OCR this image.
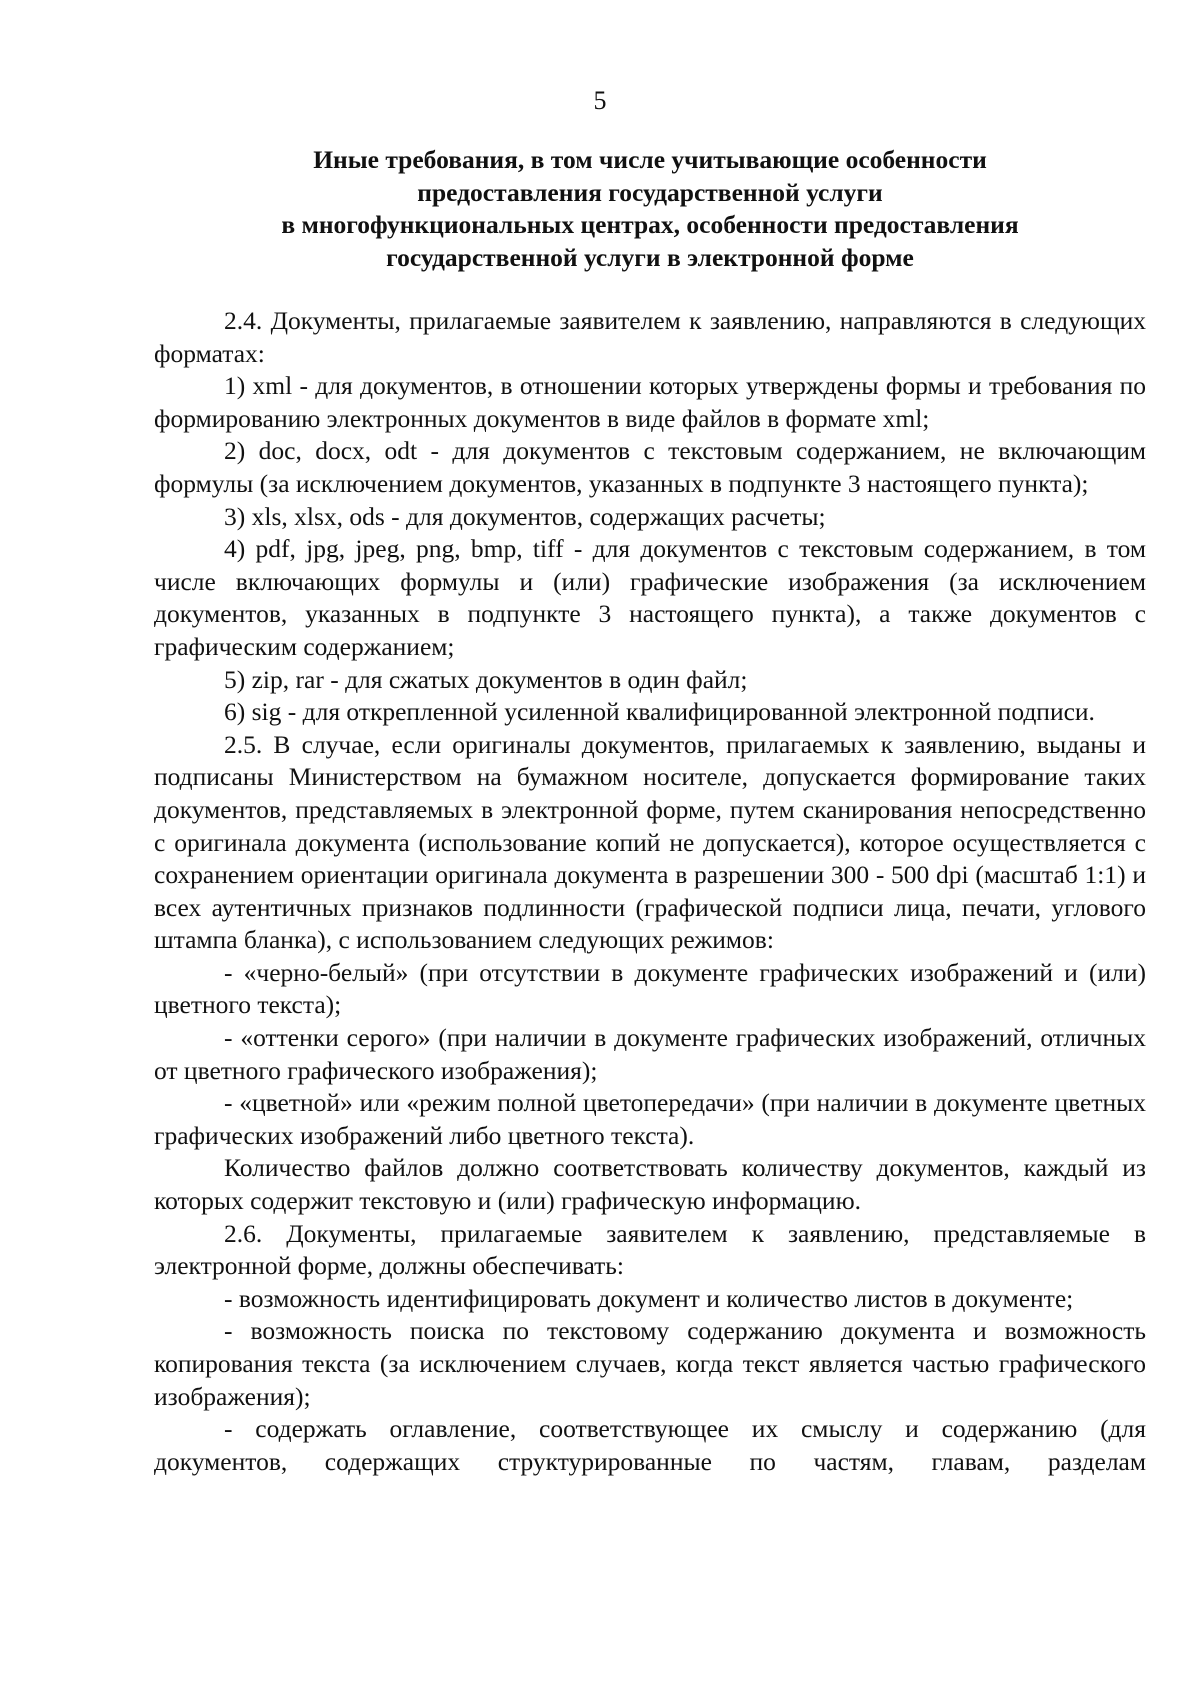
5
Иные требования, в том числе учитывающие особенности
предоставления государственной услуги
в многофункциональных центрах, особенности предоставления
государственной услуги в электронной форме

2.4. Документы, прилагаемые заявителем к заявлению, направляются в следующих форматах:

1) xml - для документов, в отношении которых утверждены формы и требования по формированию электронных документов в виде файлов в формате xml;

2) doc, docx, odt - для документов с текстовым содержанием, не включающим формулы (за исключением документов, указанных в подпункте 3 настоящего пункта);

3) xls, xlsx, ods - для документов, содержащих расчеты;

4) pdf, jpg, jpeg, png, bmp, tiff - для документов с текстовым содержанием, в том числе включающих формулы и (или) графические изображения (за исключением документов, указанных в подпункте 3 настоящего пункта), а также документов с графическим содержанием;

5) zip, rar - для сжатых документов в один файл;

6) sig - для открепленной усиленной квалифицированной электронной подписи.

2.5. В случае, если оригиналы документов, прилагаемых к заявлению, выданы и подписаны Министерством на бумажном носителе, допускается формирование таких документов, представляемых в электронной форме, путем сканирования непосредственно с оригинала документа (использование копий не допускается), которое осуществляется с сохранением ориентации оригинала документа в разрешении 300 - 500 dpi (масштаб 1:1) и всех аутентичных признаков подлинности (графической подписи лица, печати, углового штампа бланка), с использованием следующих режимов:

- «черно-белый» (при отсутствии в документе графических изображений и (или) цветного текста);

- «оттенки серого» (при наличии в документе графических изображений, отличных от цветного графического изображения);

- «цветной» или «режим полной цветопередачи» (при наличии в документе цветных графических изображений либо цветного текста).

Количество файлов должно соответствовать количеству документов, каждый из которых содержит текстовую и (или) графическую информацию.

2.6. Документы, прилагаемые заявителем к заявлению, представляемые в электронной форме, должны обеспечивать:

- возможность идентифицировать документ и количество листов в документе;

- возможность поиска по текстовому содержанию документа и возможность копирования текста (за исключением случаев, когда текст является частью графического изображения);

- содержать оглавление, соответствующее их смыслу и содержанию (для документов, содержащих структурированные по частям, главам, разделам
